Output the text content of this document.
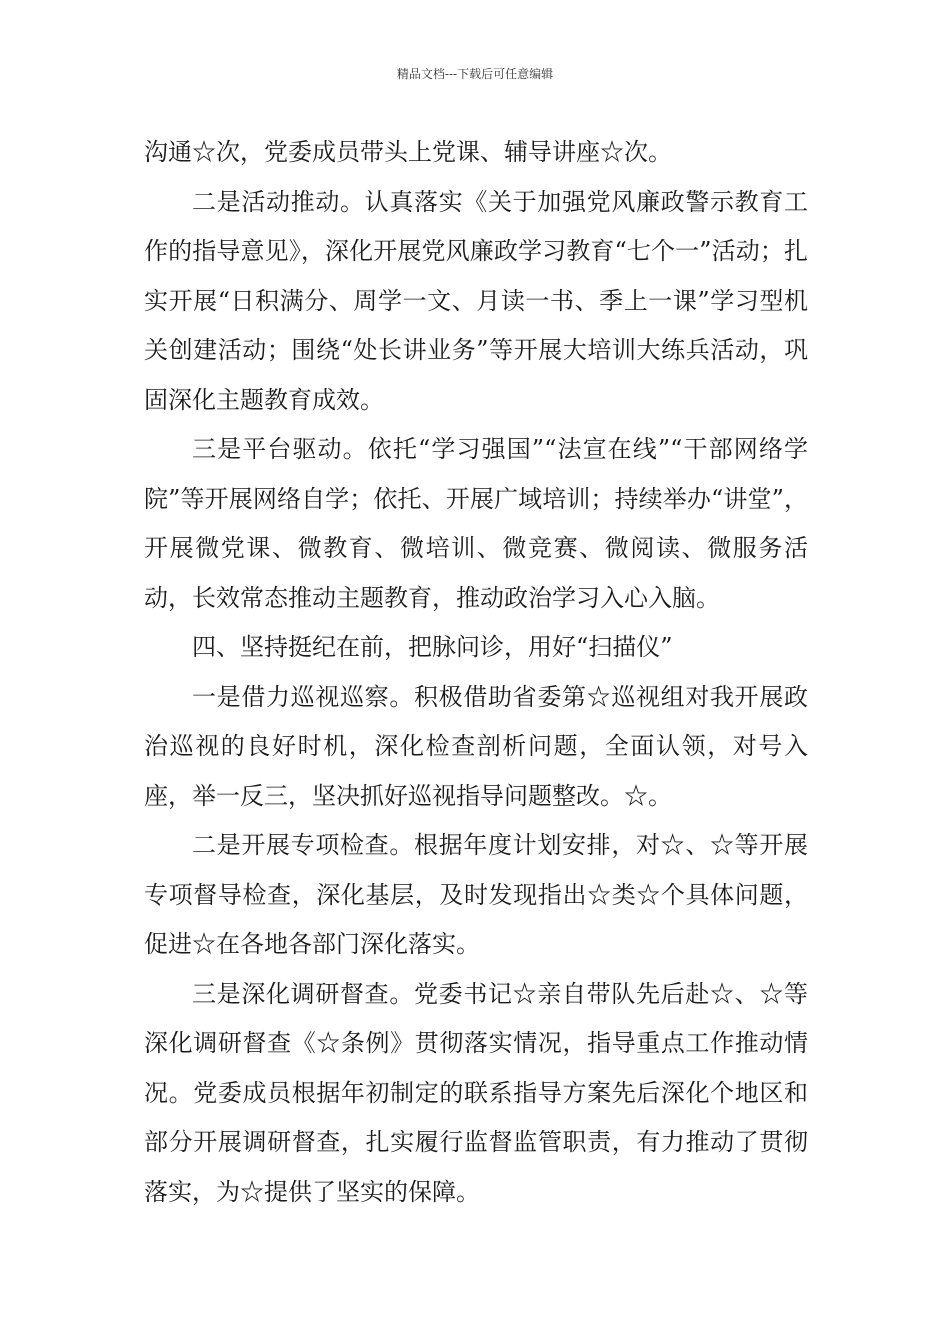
精品文档---下载后可任意编辑

沟通☆次，党委成员带头上党课、辅导讲座☆次。

二是活动推动。认真落实《关于加强党风廉政警示教育工作的指导意见》，深化开展党风廉政学习教育“七个一”活动；扎实开展“日积满分、周学一文、月读一书、季上一课”学习型机关创建活动；围绕“处长讲业务”等开展大培训大练兵活动，巩固深化主题教育成效。

三是平台驱动。依托“学习强国”“法宣在线”“干部网络学院”等开展网络自学；依托、开展广域培训；持续举办“讲堂”，开展微党课、微教育、微培训、微竞赛、微阅读、微服务活动，长效常态推动主题教育，推动政治学习入心入脑。

四、坚持挺纪在前，把脉问诊，用好“扫描仪”

一是借力巡视巡察。积极借助省委第☆巡视组对我开展政治巡视的良好时机，深化检查剖析问题，全面认领，对号入座，举一反三，坚决抓好巡视指导问题整改。☆。

二是开展专项检查。根据年度计划安排，对☆、☆等开展专项督导检查，深化基层，及时发现指出☆类☆个具体问题，促进☆在各地各部门深化落实。

三是深化调研督查。党委书记☆亲自带队先后赴☆、☆等深化调研督查《☆条例》贯彻落实情况，指导重点工作推动情况。党委成员根据年初制定的联系指导方案先后深化个地区和部分开展调研督查，扎实履行监督监管职责，有力推动了贯彻落实，为☆提供了坚实的保障。
